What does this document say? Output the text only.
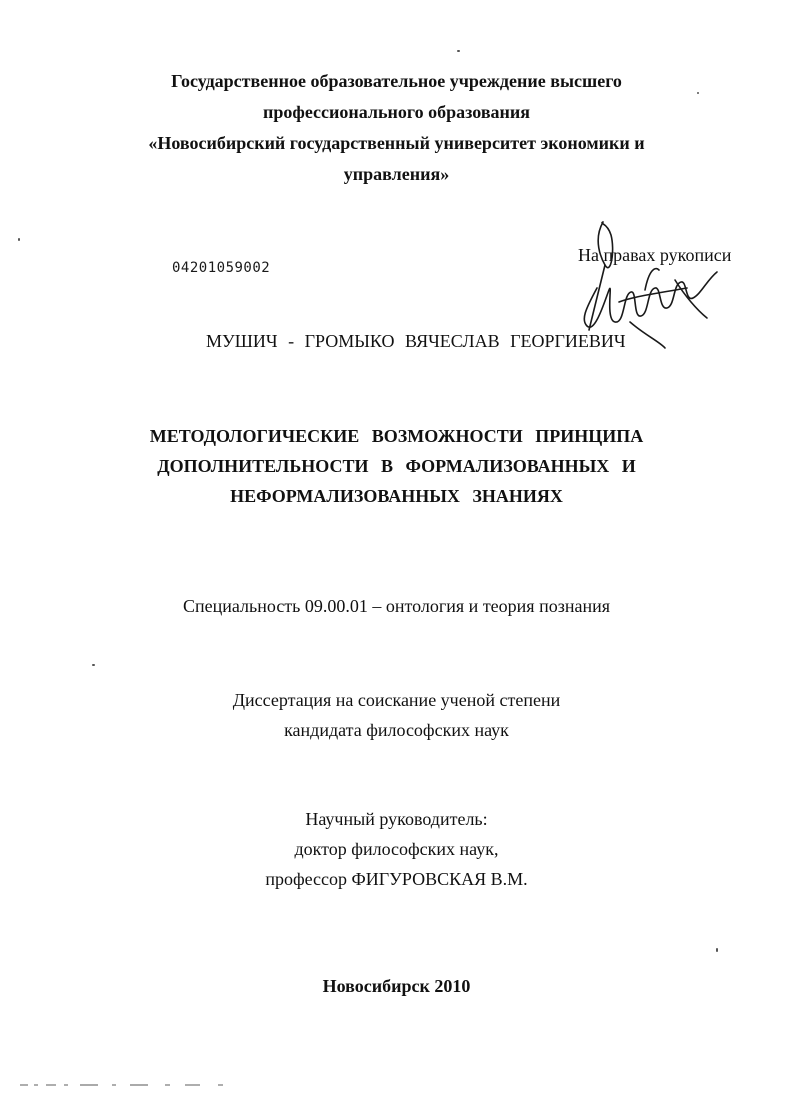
Государственное образовательное учреждение высшего
профессионального образования
«Новосибирский государственный университет экономики и
управления»
04201059002
На правах рукописи
МУШИЧ - ГРОМЫКО ВЯЧЕСЛАВ ГЕОРГИЕВИЧ
МЕТОДОЛОГИЧЕСКИЕ ВОЗМОЖНОСТИ ПРИНЦИПА
ДОПОЛНИТЕЛЬНОСТИ В ФОРМАЛИЗОВАННЫХ И
НЕФОРМАЛИЗОВАННЫХ ЗНАНИЯХ
Специальность 09.00.01 – онтология и теория познания
Диссертация на соискание ученой степени
кандидата философских наук
Научный руководитель:
доктор философских наук,
профессор ФИГУРОВСКАЯ В.М.
Новосибирск 2010
